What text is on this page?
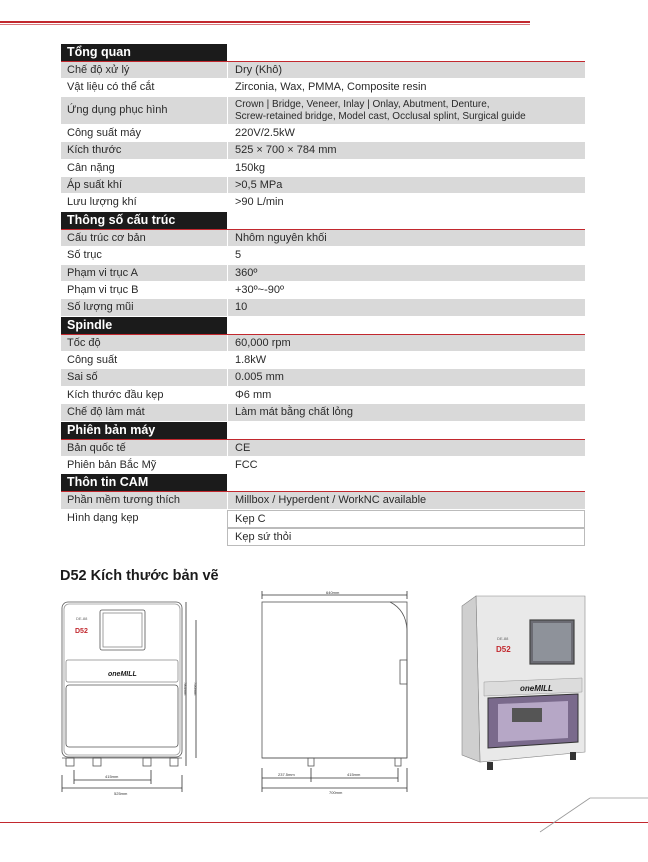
Tổng quan
Chế độ xử lý	Dry (Khô)
Vật liệu có thể cắt	Zirconia, Wax, PMMA, Composite resin
Ứng dụng phục hình	Crown | Bridge, Veneer, Inlay | Onlay, Abutment, Denture,
Screw-retained bridge, Model cast, Occlusal splint, Surgical guide
Công suất máy	220V/2.5kW
Kích thước	525 × 700 × 784 mm
Cân nặng	150kg
Áp suất khí	>0,5 MPa
Lưu lượng khí	>90 L/min
Thông số cấu trúc
Cấu trúc cơ bản	Nhôm nguyên khối
Số trục	5
Phạm vi trục A	360º
Phạm vi trục B	+30º~-90º
Số lượng mũi	10
Spindle
Tốc độ	60,000 rpm
Công suất	1.8kW
Sai số	0.005 mm
Kích thước đầu kẹp	Φ6 mm
Chế độ làm mát	Làm mát bằng chất lỏng
Phiên bản máy
Bản quốc tế	CE
Phiên bản Bắc Mỹ	FCC
Thôn tin CAM
Phần mềm tương thích	Millbox / Hyperdent / WorkNC available
Hình dạng kẹp	Kẹp C
Kẹp sứ thỏi
D52 Kích thước bản vẽ
DE-88
D52
oneMILL
415mm
525mm
784mm 750mm
640mm
237.5mm	415mm
700mm
DE-88
D52
oneMILL
